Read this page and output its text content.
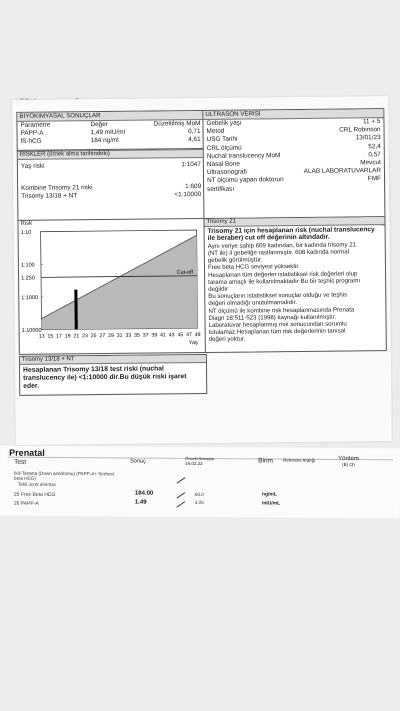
BIYOKIMYASAL SONUÇLAR
Parametre	Değer	Düzeltilmiş MoM
PAPP-A	1,49 mIU/ml	0,71
fß-hCG	184 ng/ml	4,61
RİSKLER (örnek alma tarihindeki)
Yaş riski	1:1047
Kombine Trisomy 21 riski	1:609
Trisomy 13/18 + NT	<1:10000
ULTRASON VERİSİ
Gebelik yaşı	11 + 5
Metod	CRL Robinson
USG Tarihi	13/01/23
CRL ölçümü	52,4
Nuchal translucency MoM	0,57
Nasal Bone	Mevcut
Ultrasonografi	ALAB LABORATUVARLAR
NT ölçümü yapan doktorun sertifikası
FMF
Risk
Cut-off
1:10
1:100
1:250
1:1000
1:10000
13 15 17 19 21 23 25 27 29 31 33 35 37 39 41 43 45 47 49
Yaş
Trisomy 21
Trisomy 21 için hesaplanan risk (nuchal translucency ile beraber) cut off değerinin altındadır.
Aynı veriye sahip 609 kadından, bir kadında trisomy 21
(NT ile) il gebeliğe rastlanmıştır. 608 kadında normal
gebelik görülmüştür.
Free beta HCG seviyesi yüksektir.
Hesaplanan tüm değerler istatistiksel risk değerleri olup
tarama amaçlı ile kullanılmaktadır Bu bir teşhis programı
değildir
Bu sonuçların istatistiksel sonuçlar olduğu ve teşhis
değeri olmadığı unutulmamalıdır.
NT ölçümü ile kombine risk hesaplanmasında Prenata
Diagn 18:511-523 (1998) kaynağı kullanılmıştır.
Laboratuvar hesaplanmış risk sonucundan sorumlu
tutulamaz.Hesaplanan tüm risk değerlerinin tanısal
değeri yoktur.
Trisomy 13/18 + NT
Hesaplanan Trisomy 13/18 test riski (nuchal translucency ile) <1:10000 dir.Bu düşük riski işaret eder.
Prenatal
Test	Sonuç
Önceki Sonuçlar
16.02.22	Birim Referans Aralığı	Yöntem
(B) (3)
İkili Tarama (Down sendromu) (PAPP-A+ Serbest beta HCG)
Tekli ücret alınmaz
25 Free Beta HCG	184.00	60.0	ng/mL
26 PAPP-A	1.49	4.05	mIU/mL
